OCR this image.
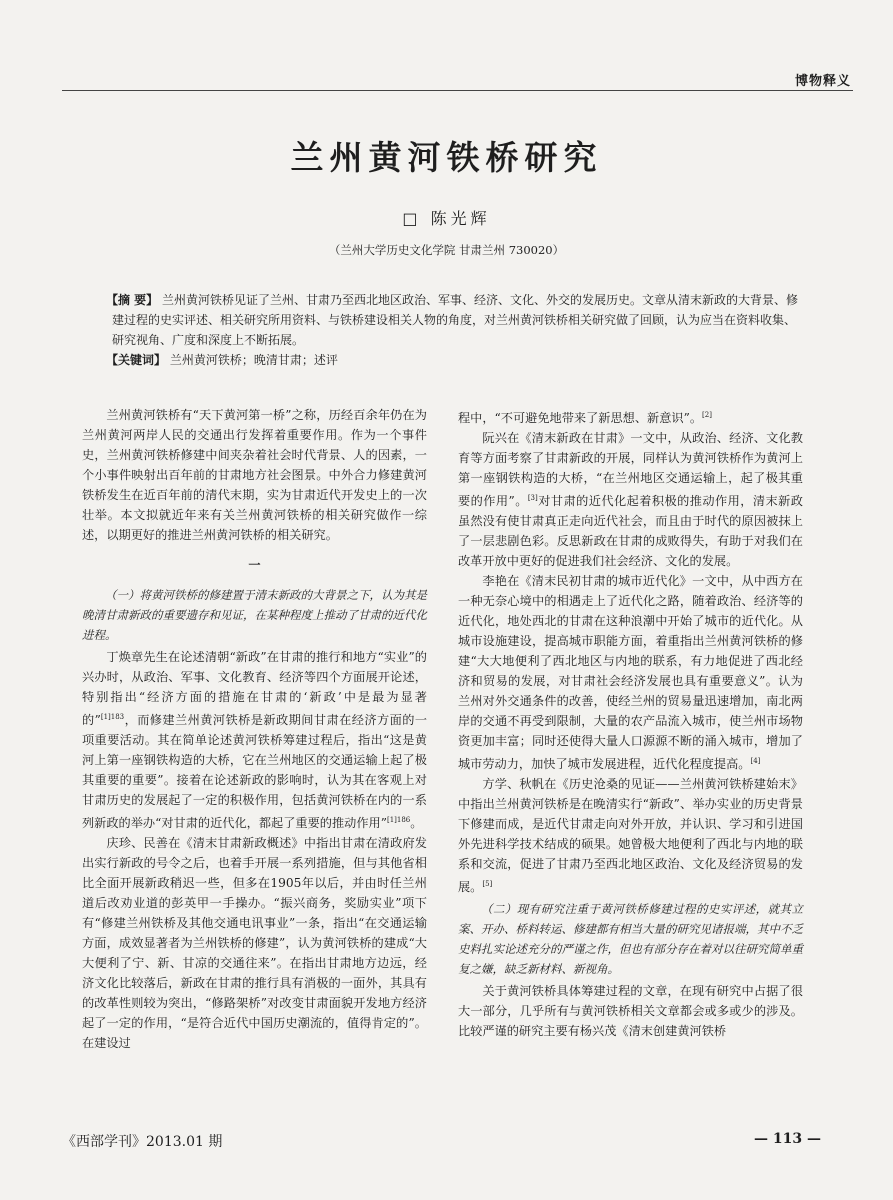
博物释义
兰州黄河铁桥研究
□ 陈光辉
（兰州大学历史文化学院 甘肃兰州 730020）

【摘 要】 兰州黄河铁桥见证了兰州、甘肃乃至西北地区政治、军事、经济、文化、外交的发展历史。文章从清末新政的大背景、修建过程的史实评述、相关研究所用资料、与铁桥建设相关人物的角度，对兰州黄河铁桥相关研究做了回顾，认为应当在资料收集、研究视角、广度和深度上不断拓展。

【关键词】 兰州黄河铁桥；晚清甘肃；述评

兰州黄河铁桥有“天下黄河第一桥”之称，历经百余年仍在为兰州黄河两岸人民的交通出行发挥着重要作用。作为一个事件史，兰州黄河铁桥修建中间夹杂着社会时代背景、人的因素，一个小事件映射出百年前的甘肃地方社会图景。中外合力修建黄河铁桥发生在近百年前的清代末期，实为甘肃近代开发史上的一次壮举。本文拟就近年来有关兰州黄河铁桥的相关研究做作一综述，以期更好的推进兰州黄河铁桥的相关研究。

一

（一）将黄河铁桥的修建置于清末新政的大背景之下，认为其是晚清甘肃新政的重要遗存和见证，在某种程度上推动了甘肃的近代化进程。

丁焕章先生在论述清朝“新政”在甘肃的推行和地方“实业”的兴办时，从政治、军事、文化教育、经济等四个方面展开论述，特别指出“经济方面的措施在甘肃的‘新政’中是最为显著的”$^{[1]183}$，而修建兰州黄河铁桥是新政期间甘肃在经济方面的一项重要活动。其在简单论述黄河铁桥筹建过程后，指出“这是黄河上第一座钢铁构造的大桥，它在兰州地区的交通运输上起了极其重要的重要”。接着在论述新政的影响时，认为其在客观上对甘肃历史的发展起了一定的积极作用，包括黄河铁桥在内的一系列新政的举办“对甘肃的近代化，都起了重要的推动作用”$^{[1]186}$。

庆珍、民善在《清末甘肃新政概述》中指出甘肃在清政府发出实行新政的号令之后，也着手开展一系列措施，但与其他省相比全面开展新政稍迟一些，但多在1905年以后，并由时任兰州道后改劝业道的彭英甲一手操办。“振兴商务，奖励实业”项下有“修建兰州铁桥及其他交通电讯事业”一条，指出“在交通运输方面，成效显著者为兰州铁桥的修建”，认为黄河铁桥的建成“大大便利了宁、新、甘凉的交通往来”。在指出甘肃地方边远，经济文化比较落后，新政在甘肃的推行具有消极的一面外，其具有的改革性则较为突出，“修路架桥”对改变甘肃面貌开发地方经济起了一定的作用，“是符合近代中国历史潮流的，值得肯定的”。在建设过

程中，“不可避免地带来了新思想、新意识”。[2]

阮兴在《清末新政在甘肃》一文中，从政治、经济、文化教育等方面考察了甘肃新政的开展，同样认为黄河铁桥作为黄河上第一座钢铁构造的大桥，“在兰州地区交通运输上，起了极其重要的作用”。[3]对甘肃的近代化起着积极的推动作用，清末新政虽然没有使甘肃真正走向近代社会，而且由于时代的原因被抹上了一层悲剧色彩。反思新政在甘肃的成败得失，有助于对我们在改革开放中更好的促进我们社会经济、文化的发展。

李艳在《清末民初甘肃的城市近代化》一文中，从中西方在一种无奈心境中的相遇走上了近代化之路，随着政治、经济等的近代化，地处西北的甘肃在这种浪潮中开始了城市的近代化。从城市设施建设，提高城市职能方面，着重指出兰州黄河铁桥的修建“大大地便利了西北地区与内地的联系，有力地促进了西北经济和贸易的发展，对甘肃社会经济发展也具有重要意义”。认为兰州对外交通条件的改善，使经兰州的贸易量迅速增加，南北两岸的交通不再受到限制，大量的农产品流入城市，使兰州市场物资更加丰富；同时还使得大量人口源源不断的涌入城市，增加了城市劳动力，加快了城市发展进程，近代化程度提高。[4]

方学、秋帆在《历史沧桑的见证——兰州黄河铁桥建始末》中指出兰州黄河铁桥是在晚清实行“新政”、举办实业的历史背景下修建而成，是近代甘肃走向对外开放，并认识、学习和引进国外先进科学技术结成的硕果。她曾极大地便利了西北与内地的联系和交流，促进了甘肃乃至西北地区政治、文化及经济贸易的发展。[5]

（二）现有研究注重于黄河铁桥修建过程的史实评述，就其立案、开办、桥料转运、修建都有相当大量的研究见诸报端，其中不乏史料扎实论述充分的严谨之作，但也有部分存在着对以往研究简单重复之嫌，缺乏新材料、新视角。

关于黄河铁桥具体筹建过程的文章，在现有研究中占据了很大一部分，几乎所有与黄河铁桥相关文章都会或多或少的涉及。比较严谨的研究主要有杨兴茂《清末创建黄河铁桥

《西部学刊》2013.01 期	— 113 —
